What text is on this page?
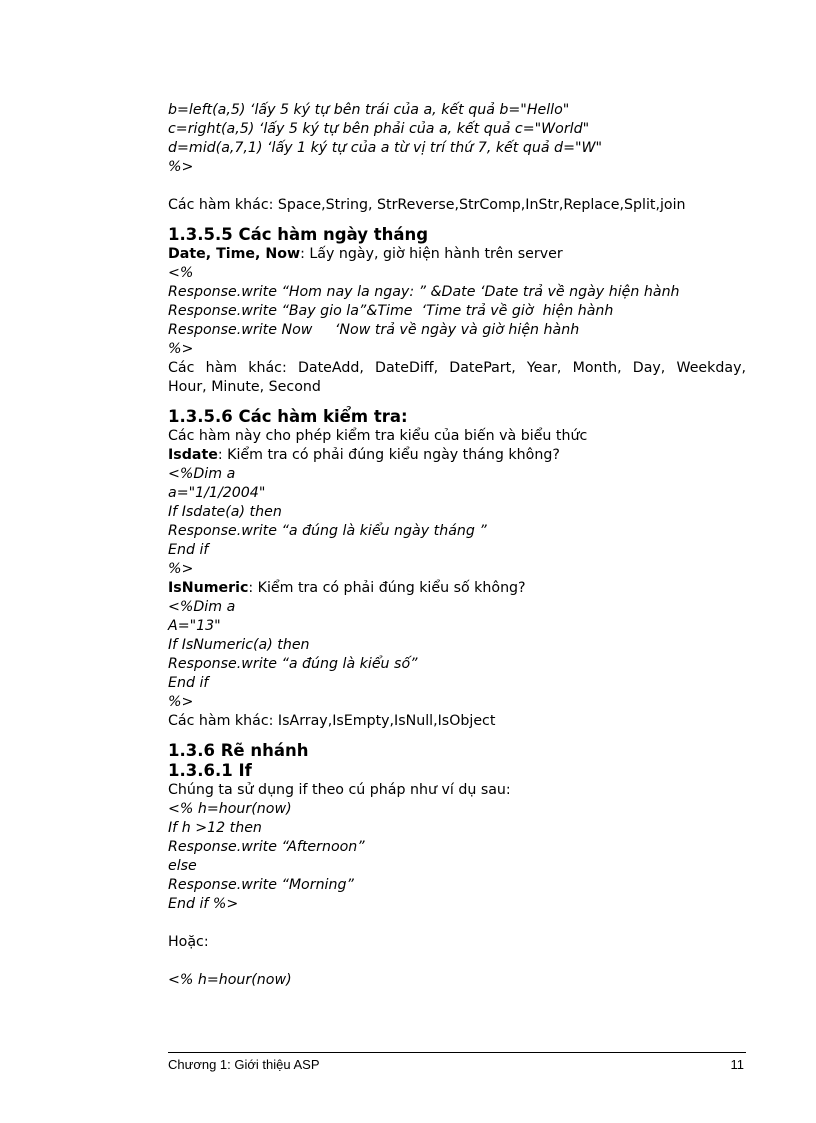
b=left(a,5) ‘lấy 5 ký tự bên trái của a, kết quả b="Hello"

c=right(a,5) ‘lấy 5 ký tự bên phải của a, kết quả c="World"

d=mid(a,7,1) ‘lấy 1 ký tự của a từ vị trí thứ 7, kết quả d="W"

%>

Các hàm khác: Space,String, StrReverse,StrComp,InStr,Replace,Split,join

1.3.5.5 Các hàm ngày tháng

Date, Time, Now: Lấy ngày, giờ hiện hành trên server

<%

Response.write “Hom nay la ngay: ” &Date ‘Date trả về ngày hiện hành

Response.write “Bay gio la”&Time  ‘Time trả về giờ  hiện hành

Response.write Now     ‘Now trả về ngày và giờ hiện hành

%>

Các hàm khác: DateAdd, DateDiff, DatePart, Year, Month, Day, Weekday,

Hour, Minute, Second

1.3.5.6 Các hàm kiểm tra:

Các hàm này cho phép kiểm tra kiểu của biến và biểu thức

Isdate: Kiểm tra có phải đúng kiểu ngày tháng không?

<%Dim a

a="1/1/2004"

If Isdate(a) then

Response.write “a đúng là kiểu ngày tháng ”

End if

%>

IsNumeric: Kiểm tra có phải đúng kiểu số không?

<%Dim a

A="13"

If IsNumeric(a) then

Response.write “a đúng là kiểu số”

End if

%>

Các hàm khác: IsArray,IsEmpty,IsNull,IsObject

1.3.6 Rẽ nhánh
1.3.6.1 If

Chúng ta sử dụng if theo cú pháp như ví dụ sau:

<% h=hour(now)

If h >12 then

Response.write “Afternoon”

else

Response.write “Morning”

End if %>

Hoặc:

<% h=hour(now)

Chương 1: Giới thiệu ASP	11
